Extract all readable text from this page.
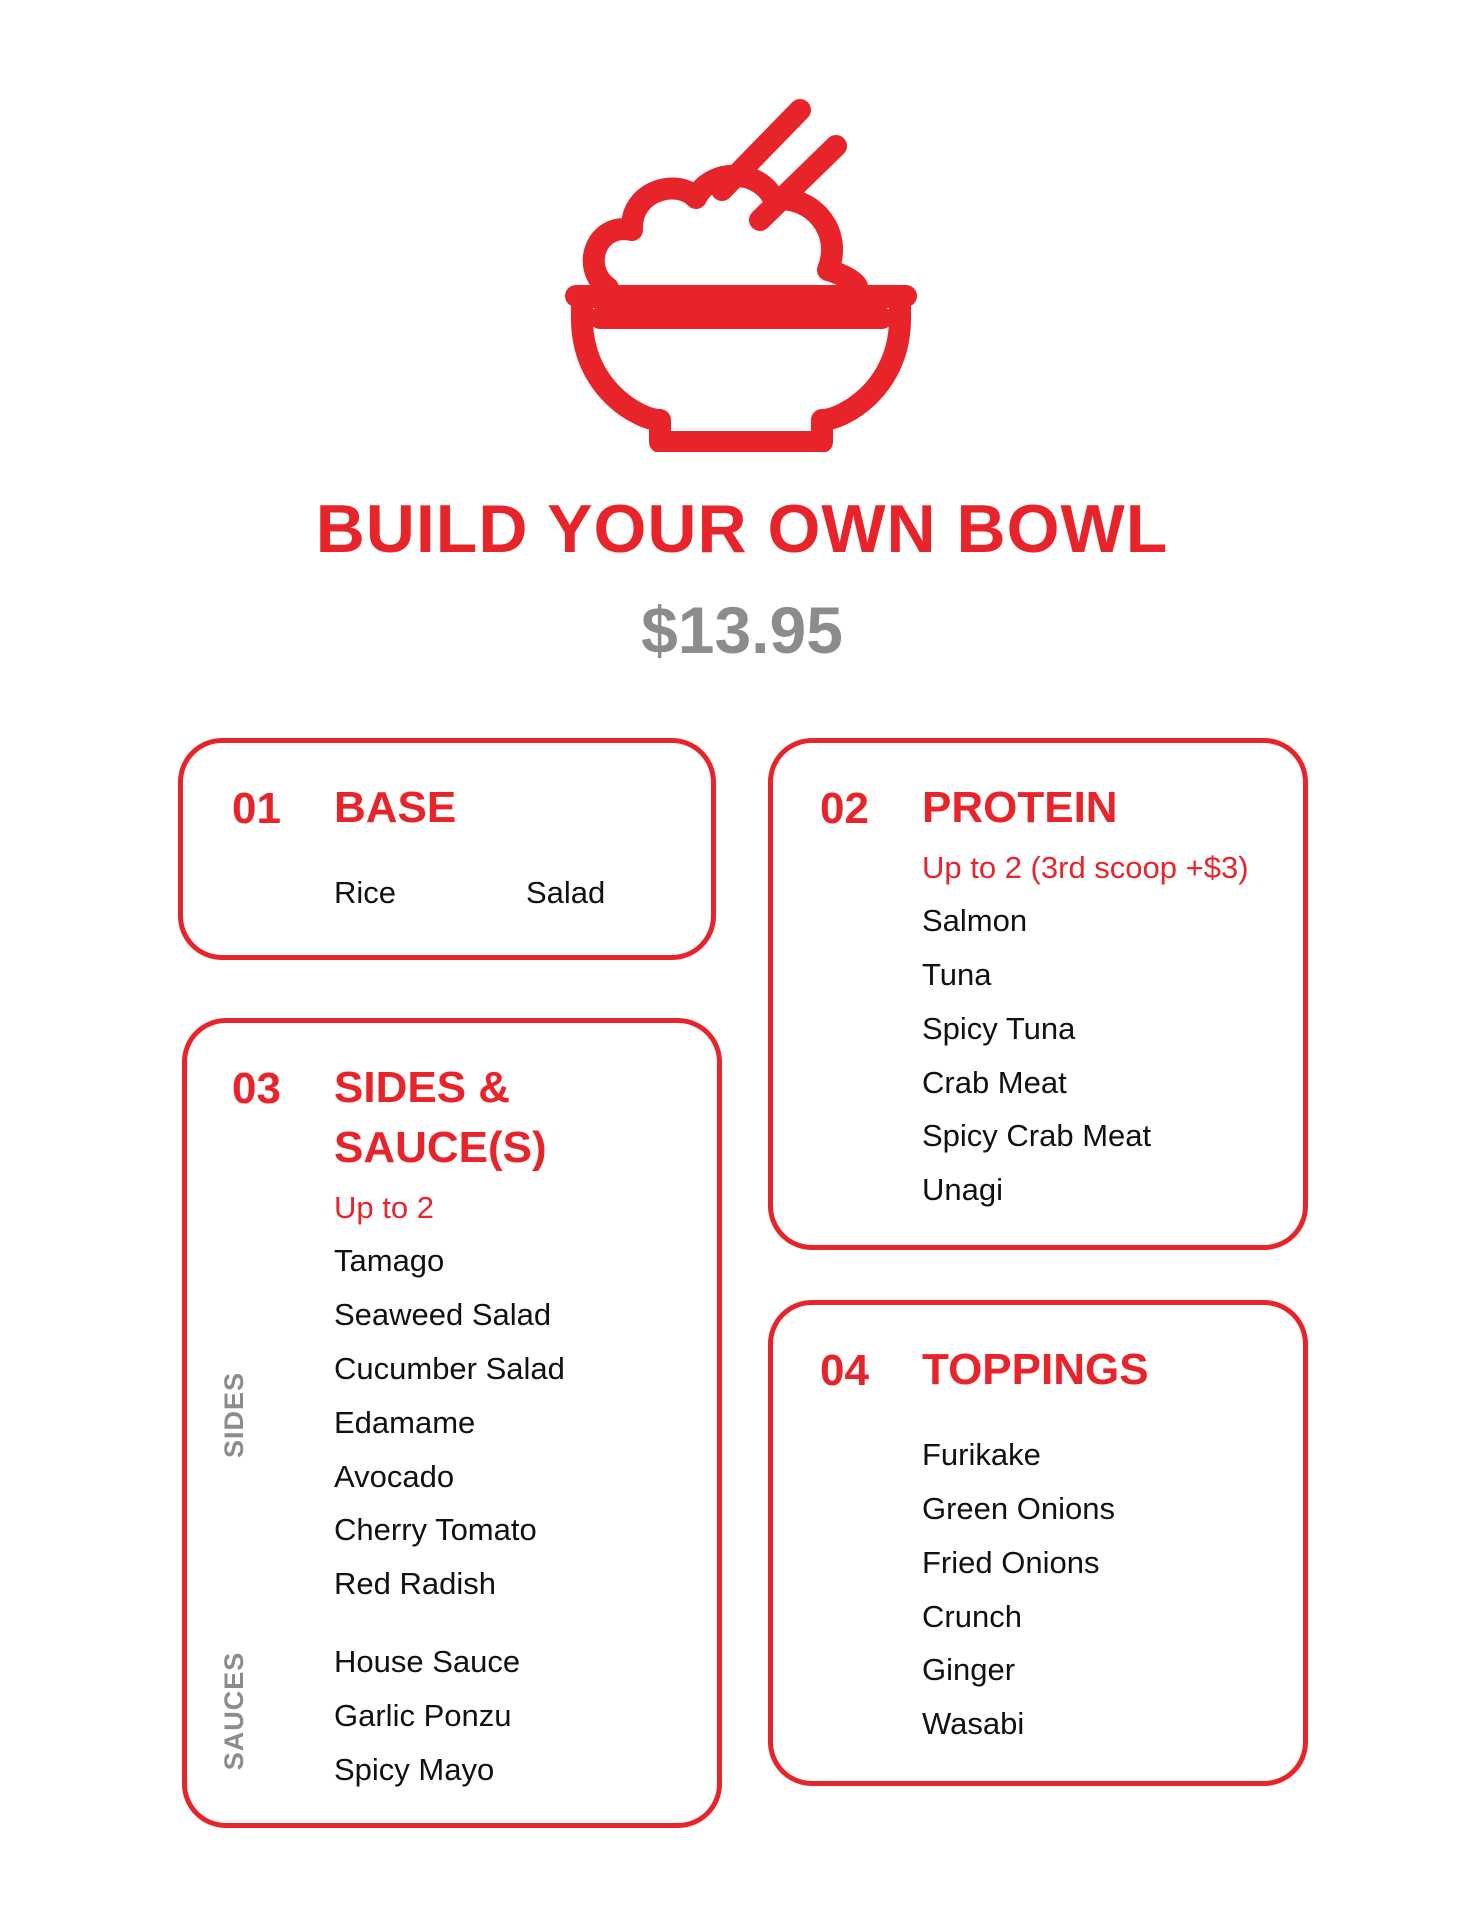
BUILD YOUR OWN BOWL
$13.95
01 BASE
Rice	Salad
02 PROTEIN
Up to 2 (3rd scoop +$3)
Salmon
Tuna
Spicy Tuna
Crab Meat
Spicy Crab Meat
Unagi
03 SIDES &
SAUCE(S)
Up to 2
SIDES
Tamago
Seaweed Salad
Cucumber Salad
Edamame
Avocado
Cherry Tomato
Red Radish
SAUCES	House Sauce
Garlic Ponzu
Spicy Mayo
04 TOPPINGS
Furikake
Green Onions
Fried Onions
Crunch
Ginger
Wasabi
